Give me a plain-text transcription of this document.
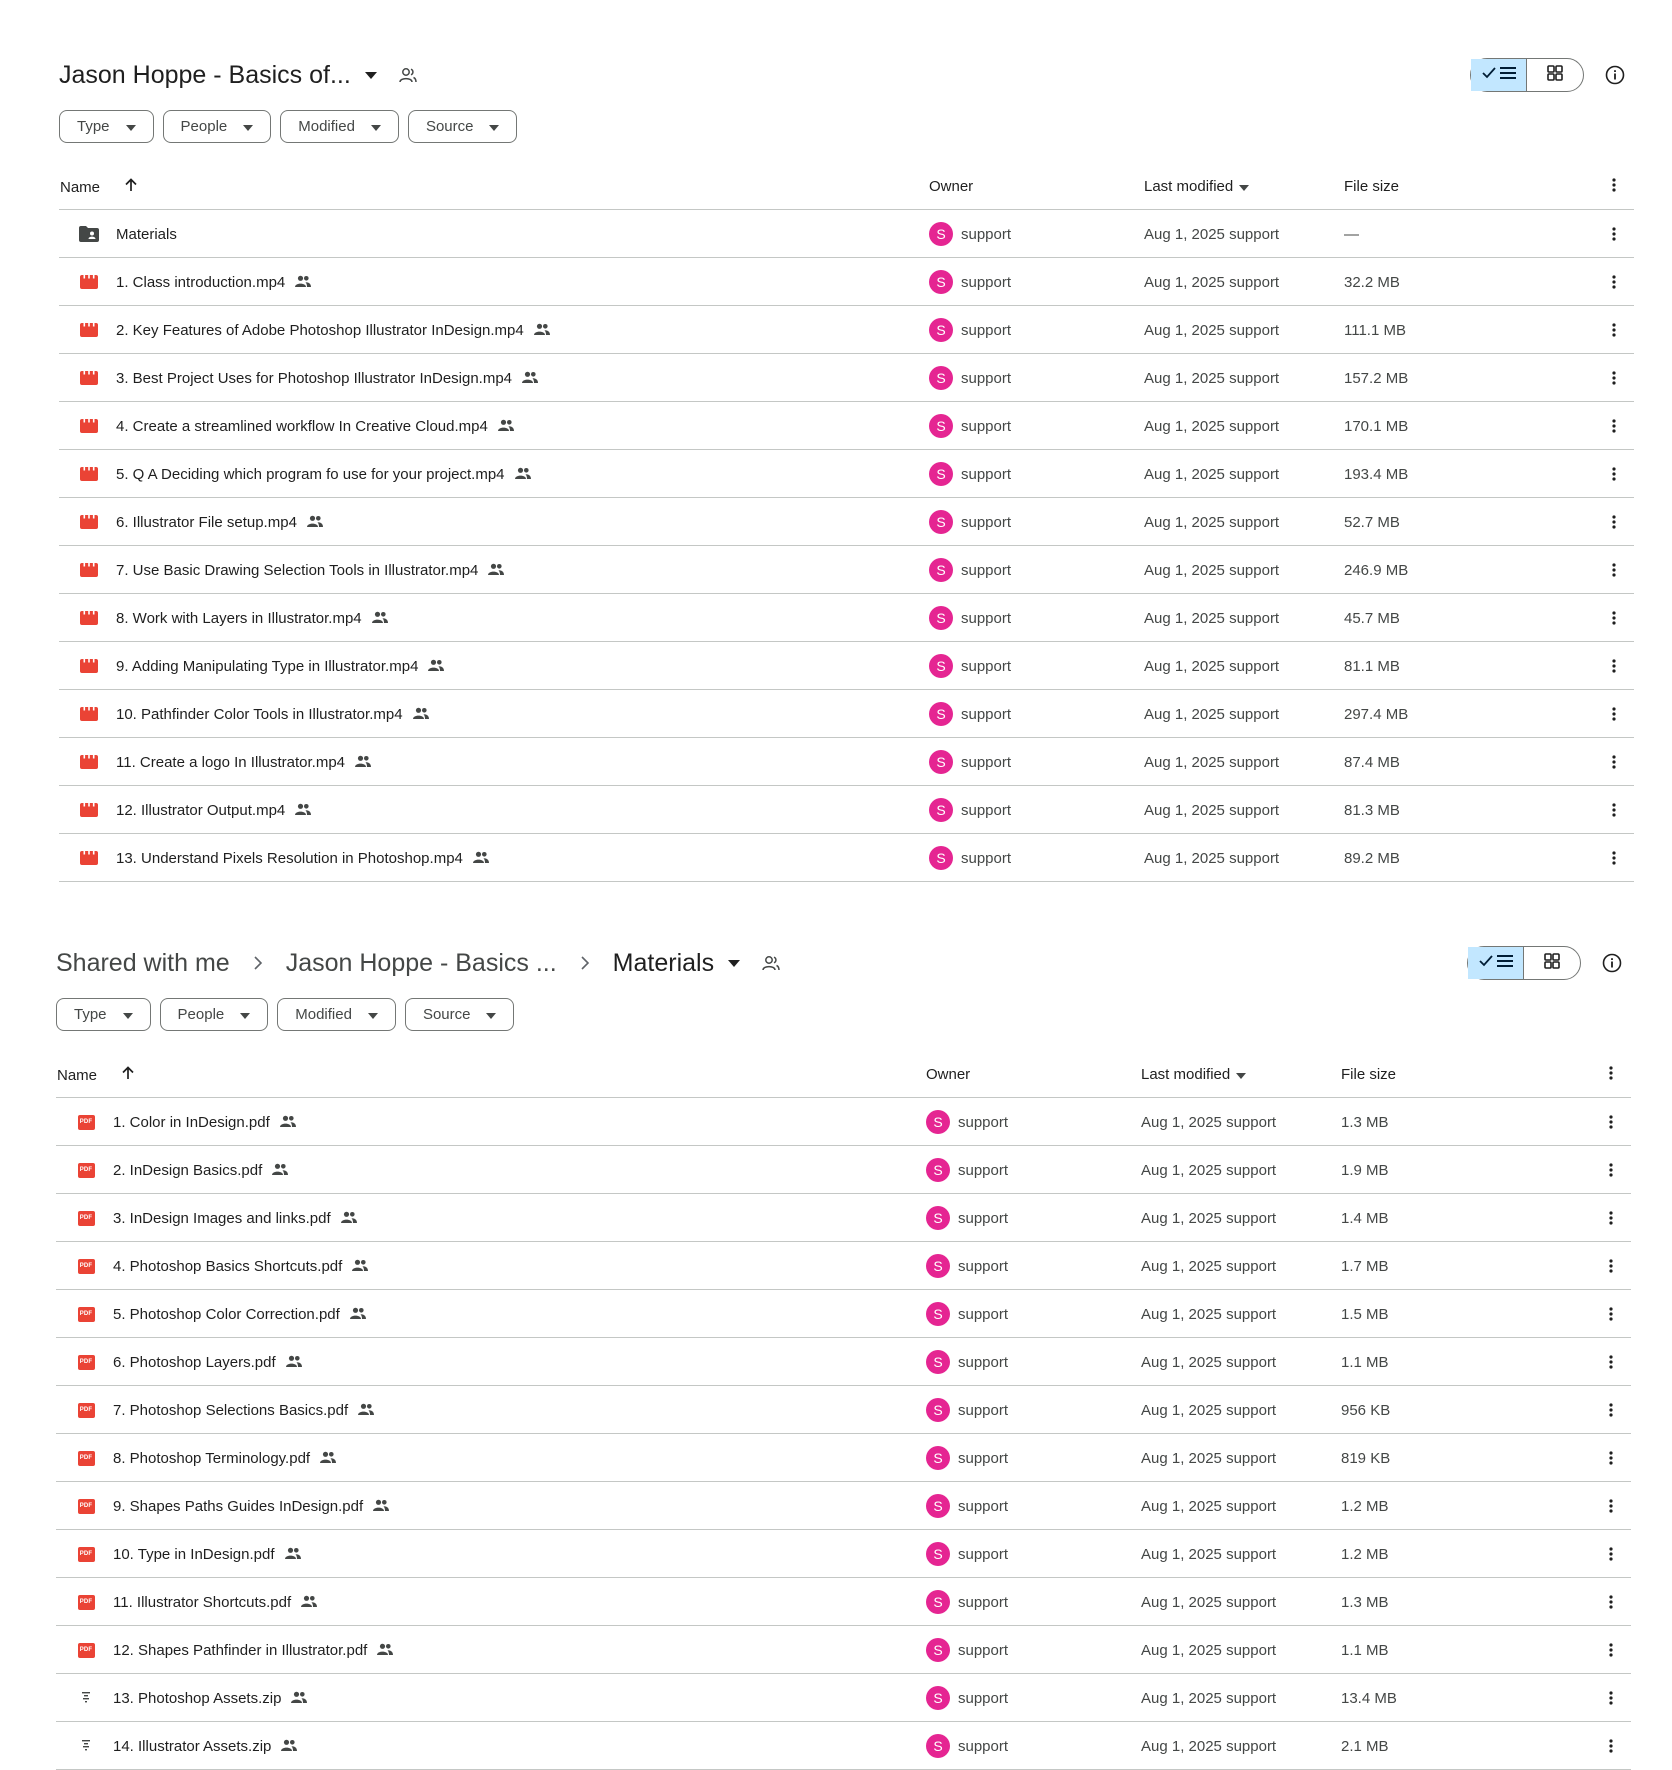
Jason Hoppe - Basics of...
Type	People	Modified	Source
Name	Owner	Last modified	File size
Materials	S	support	Aug 1, 2025 support	—
1. Class introduction.mp4	S	support	Aug 1, 2025 support	32.2 MB
2. Key Features of Adobe Photoshop Illustrator InDesign.mp4	S	support	Aug 1, 2025 support	111.1 MB
3. Best Project Uses for Photoshop Illustrator InDesign.mp4	S	support	Aug 1, 2025 support	157.2 MB
4. Create a streamlined workflow In Creative Cloud.mp4	S	support	Aug 1, 2025 support	170.1 MB
5. Q A Deciding which program fo use for your project.mp4	S	support	Aug 1, 2025 support	193.4 MB
6. Illustrator File setup.mp4	S	support	Aug 1, 2025 support	52.7 MB
7. Use Basic Drawing Selection Tools in Illustrator.mp4	S	support	Aug 1, 2025 support	246.9 MB
8. Work with Layers in Illustrator.mp4	S	support	Aug 1, 2025 support	45.7 MB
9. Adding Manipulating Type in Illustrator.mp4	S	support	Aug 1, 2025 support	81.1 MB
10. Pathfinder Color Tools in Illustrator.mp4	S	support	Aug 1, 2025 support	297.4 MB
11. Create a logo In Illustrator.mp4	S	support	Aug 1, 2025 support	87.4 MB
12. Illustrator Output.mp4	S	support	Aug 1, 2025 support	81.3 MB
13. Understand Pixels Resolution in Photoshop.mp4	S	support	Aug 1, 2025 support	89.2 MB
Shared with me Jason Hoppe - Basics ... Materials
Type	People	Modified	Source
Name	Owner	Last modified	File size
PDF 1. Color in InDesign.pdf	S	support	Aug 1, 2025 support	1.3 MB
PDF 2. InDesign Basics.pdf	S	support	Aug 1, 2025 support	1.9 MB
PDF 3. InDesign Images and links.pdf	S	support	Aug 1, 2025 support	1.4 MB
PDF 4. Photoshop Basics Shortcuts.pdf	S	support	Aug 1, 2025 support	1.7 MB
PDF 5. Photoshop Color Correction.pdf	S	support	Aug 1, 2025 support	1.5 MB
PDF 6. Photoshop Layers.pdf	S	support	Aug 1, 2025 support	1.1 MB
PDF 7. Photoshop Selections Basics.pdf	S	support	Aug 1, 2025 support	956 KB
PDF 8. Photoshop Terminology.pdf	S	support	Aug 1, 2025 support	819 KB
PDF 9. Shapes Paths Guides InDesign.pdf	S	support	Aug 1, 2025 support	1.2 MB
PDF 10. Type in InDesign.pdf	S	support	Aug 1, 2025 support	1.2 MB
PDF 11. Illustrator Shortcuts.pdf	S	support	Aug 1, 2025 support	1.3 MB
PDF 12. Shapes Pathfinder in Illustrator.pdf	S	support	Aug 1, 2025 support	1.1 MB
13. Photoshop Assets.zip	S	support	Aug 1, 2025 support	13.4 MB
14. Illustrator Assets.zip	S	support	Aug 1, 2025 support	2.1 MB
